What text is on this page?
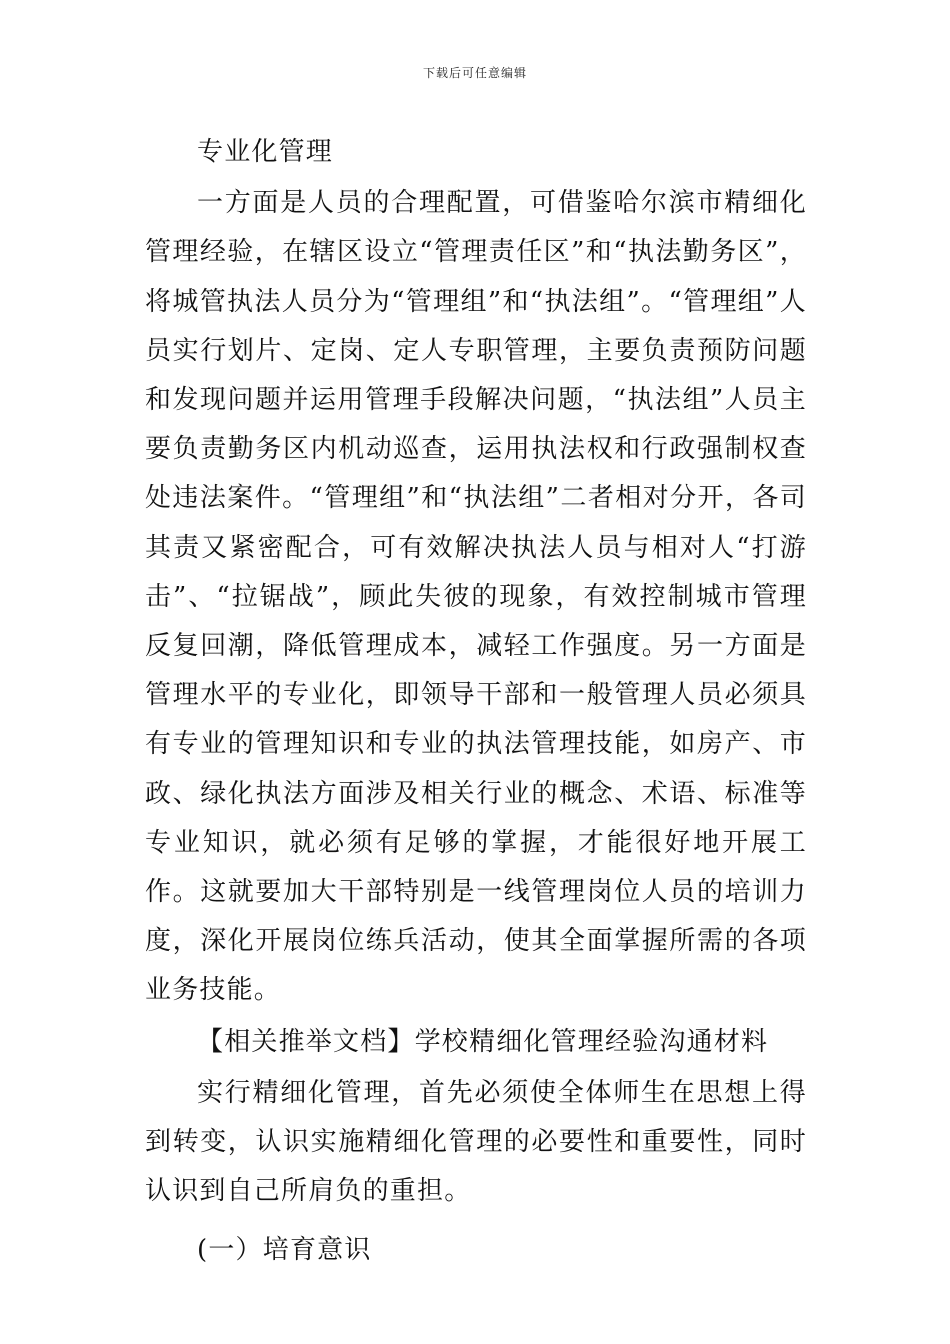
下载后可任意编辑

专业化管理

一方面是人员的合理配置，可借鉴哈尔滨市精细化管理经验，在辖区设立“管理责任区”和“执法勤务区”，将城管执法人员分为“管理组”和“执法组”。“管理组”人员实行划片、定岗、定人专职管理，主要负责预防问题和发现问题并运用管理手段解决问题，“执法组”人员主要负责勤务区内机动巡查，运用执法权和行政强制权查处违法案件。“管理组”和“执法组”二者相对分开，各司其责又紧密配合，可有效解决执法人员与相对人“打游击”、“拉锯战”，顾此失彼的现象，有效控制城市管理反复回潮，降低管理成本，减轻工作强度。另一方面是管理水平的专业化，即领导干部和一般管理人员必须具有专业的管理知识和专业的执法管理技能，如房产、市政、绿化执法方面涉及相关行业的概念、术语、标准等专业知识，就必须有足够的掌握，才能很好地开展工作。这就要加大干部特别是一线管理岗位人员的培训力度，深化开展岗位练兵活动，使其全面掌握所需的各项业务技能。

【相关推举文档】学校精细化管理经验沟通材料

实行精细化管理，首先必须使全体师生在思想上得到转变，认识实施精细化管理的必要性和重要性，同时认识到自己所肩负的重担。

(一）培育意识
